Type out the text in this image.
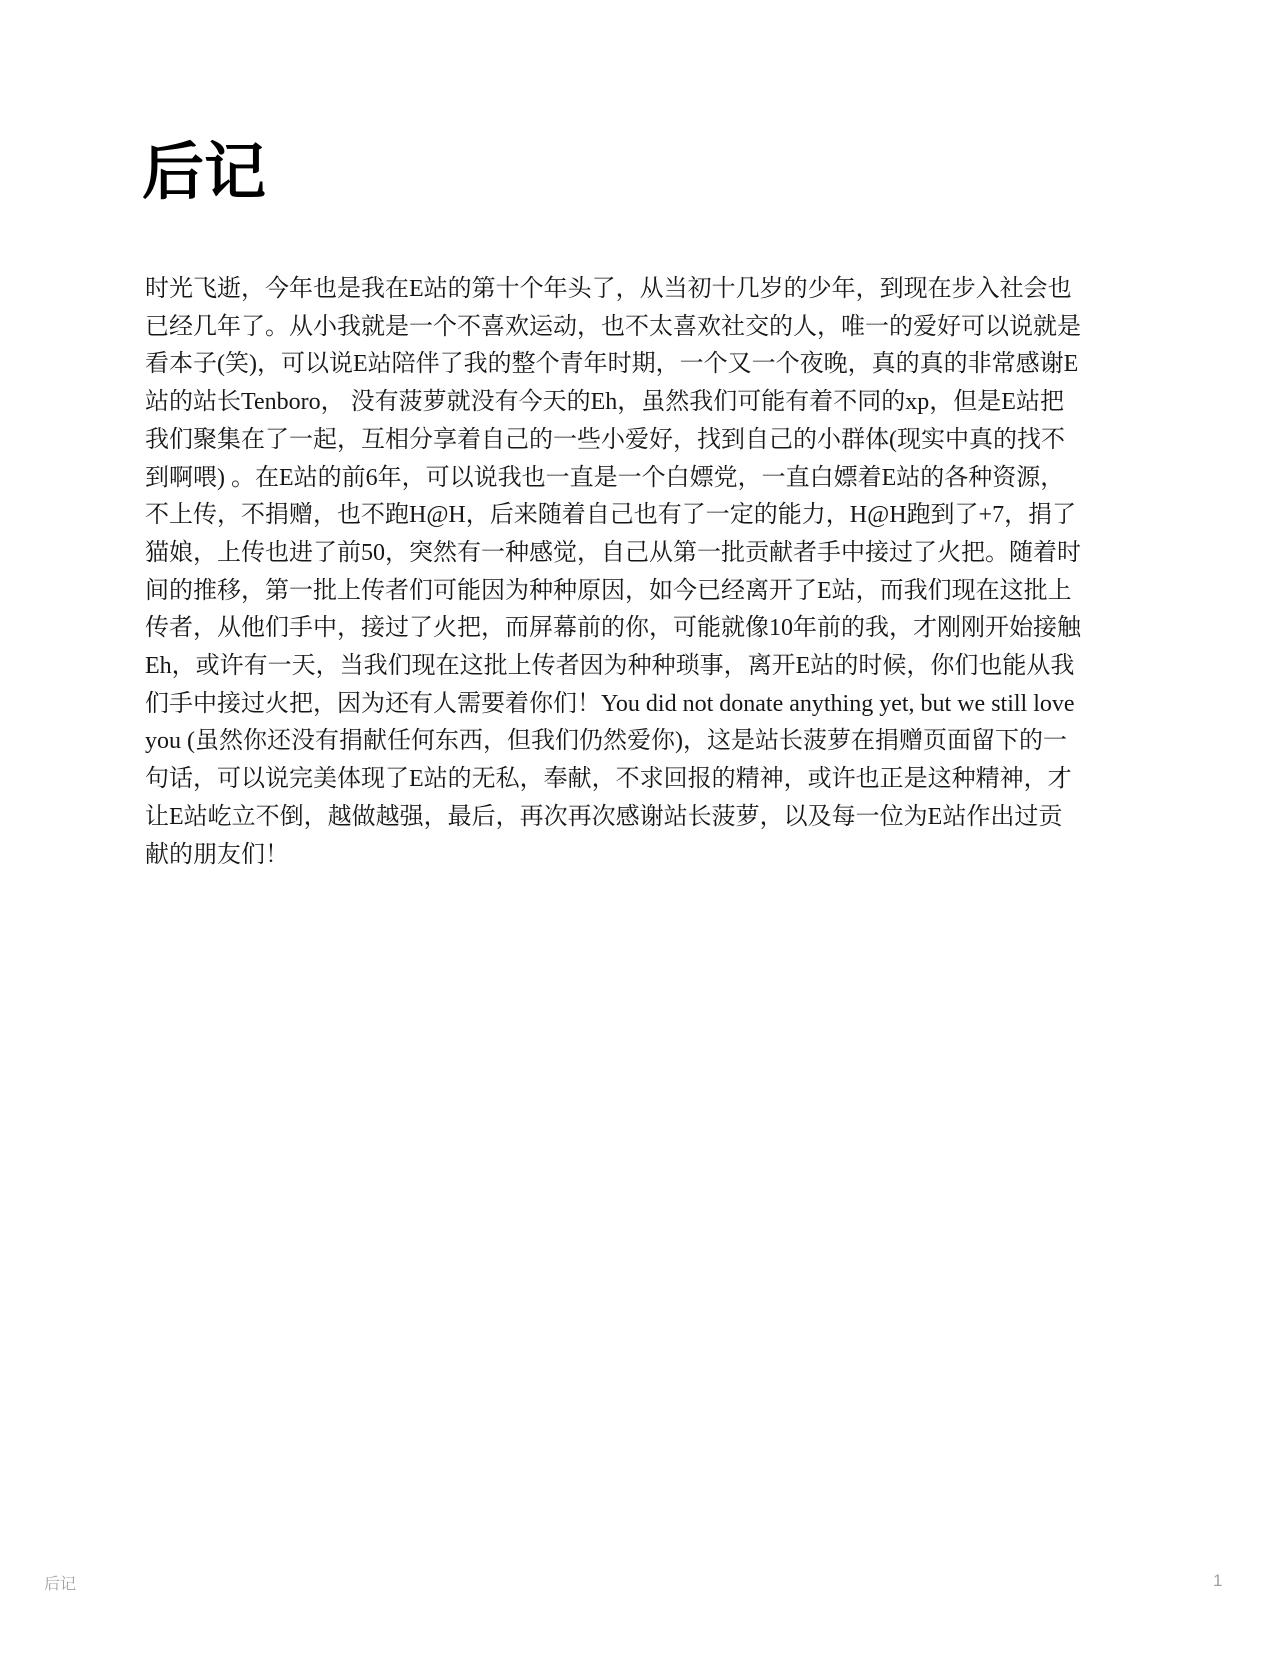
后记
时光飞逝，今年也是我在E站的第十个年头了，从当初十几岁的少年，到现在步入社会也
已经几年了。从小我就是一个不喜欢运动，也不太喜欢社交的人，唯一的爱好可以说就是
看本子(笑)，可以说E站陪伴了我的整个青年时期，一个又一个夜晚，真的真的非常感谢E
站的站长Tenboro， 没有菠萝就没有今天的Eh，虽然我们可能有着不同的xp，但是E站把
我们聚集在了一起，互相分享着自己的一些小爱好，找到自己的小群体(现实中真的找不
到啊喂) 。在E站的前6年，可以说我也一直是一个白嫖党，一直白嫖着E站的各种资源，
不上传，不捐赠，也不跑H@H，后来随着自己也有了一定的能力，H@H跑到了+7，捐了
猫娘，上传也进了前50，突然有一种感觉，自己从第一批贡献者手中接过了火把。随着时
间的推移，第一批上传者们可能因为种种原因，如今已经离开了E站，而我们现在这批上
传者，从他们手中，接过了火把，而屏幕前的你，可能就像10年前的我，才刚刚开始接触
Eh，或许有一天，当我们现在这批上传者因为种种琐事，离开E站的时候，你们也能从我
们手中接过火把，因为还有人需要着你们！You did not donate anything yet, but we still love
you (虽然你还没有捐献任何东西，但我们仍然爱你)，这是站长菠萝在捐赠页面留下的一
句话，可以说完美体现了E站的无私，奉献，不求回报的精神，或许也正是这种精神，才
让E站屹立不倒，越做越强，最后，再次再次感谢站长菠萝，以及每一位为E站作出过贡
献的朋友们！
后记	1
